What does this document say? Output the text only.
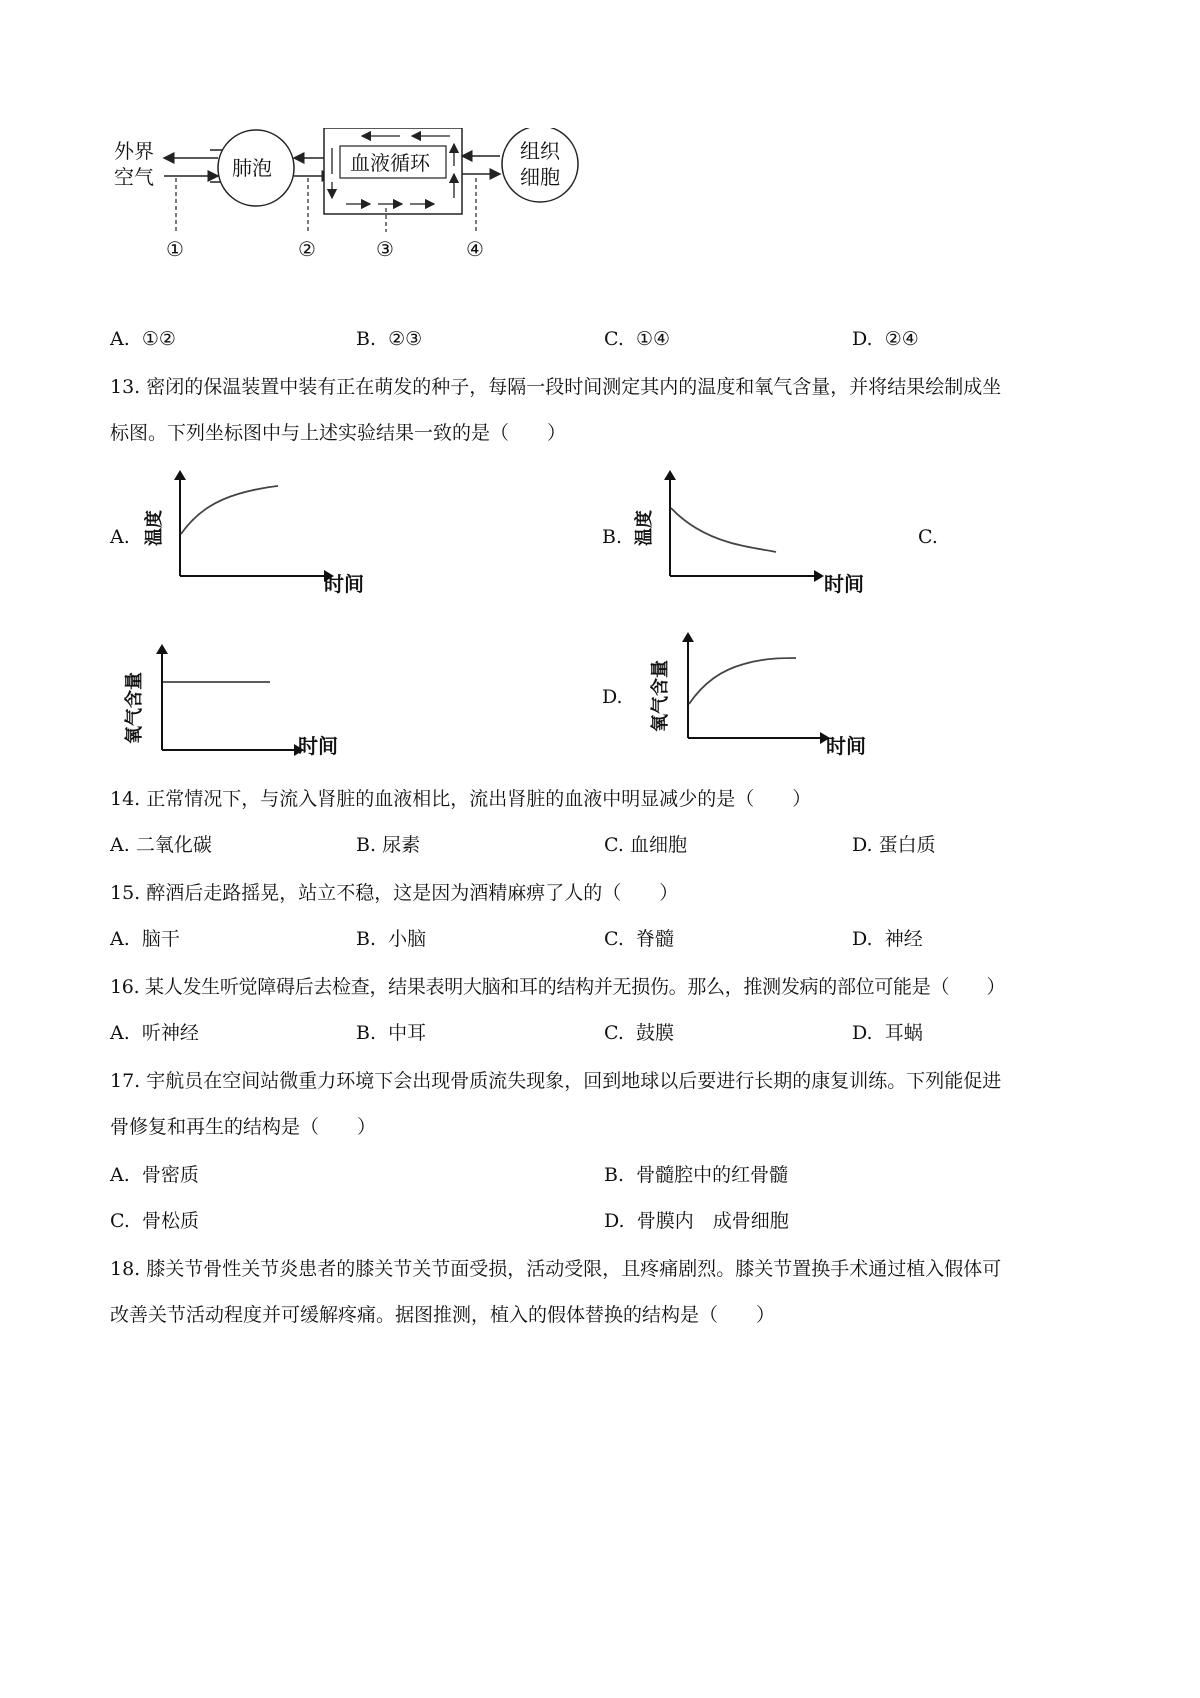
外界
空气	肺泡	血液循环	组织
细胞
①	②	③	④
A. ①②	B. ②③	C. ①④	D. ②④
13. 密闭的保温装置中装有正在萌发的种子，每隔一段时间测定其内的温度和氧气含量，并将结果绘制成坐
标图。下列坐标图中与上述实验结果一致的是（　　）
A. 温度
时间
B. 温度
时间
C.
氧气含量
时间
D. 氧气含量
时间
14. 正常情况下，与流入肾脏的血液相比，流出肾脏的血液中明显减少的是（　　）
A. 二氧化碳	B. 尿素	C. 血细胞	D. 蛋白质
15. 醉酒后走路摇晃，站立不稳，这是因为酒精麻痹了人的（　　）
A. 脑干	B. 小脑	C. 脊髓	D. 神经
16. 某人发生听觉障碍后去检查，结果表明大脑和耳的结构并无损伤。那么，推测发病的部位可能是（　　）
A. 听神经	B. 中耳	C. 鼓膜	D. 耳蜗
17. 宇航员在空间站微重力环境下会出现骨质流失现象，回到地球以后要进行长期的康复训练。下列能促进
骨修复和再生的结构是（　　）
A. 骨密质	B. 骨髓腔中的红骨髓
C. 骨松质	D. 骨膜内　成骨细胞
18. 膝关节骨性关节炎患者的膝关节关节面受损，活动受限，且疼痛剧烈。膝关节置换手术通过植入假体可
改善关节活动程度并可缓解疼痛。据图推测，植入的假体替换的结构是（　　）
